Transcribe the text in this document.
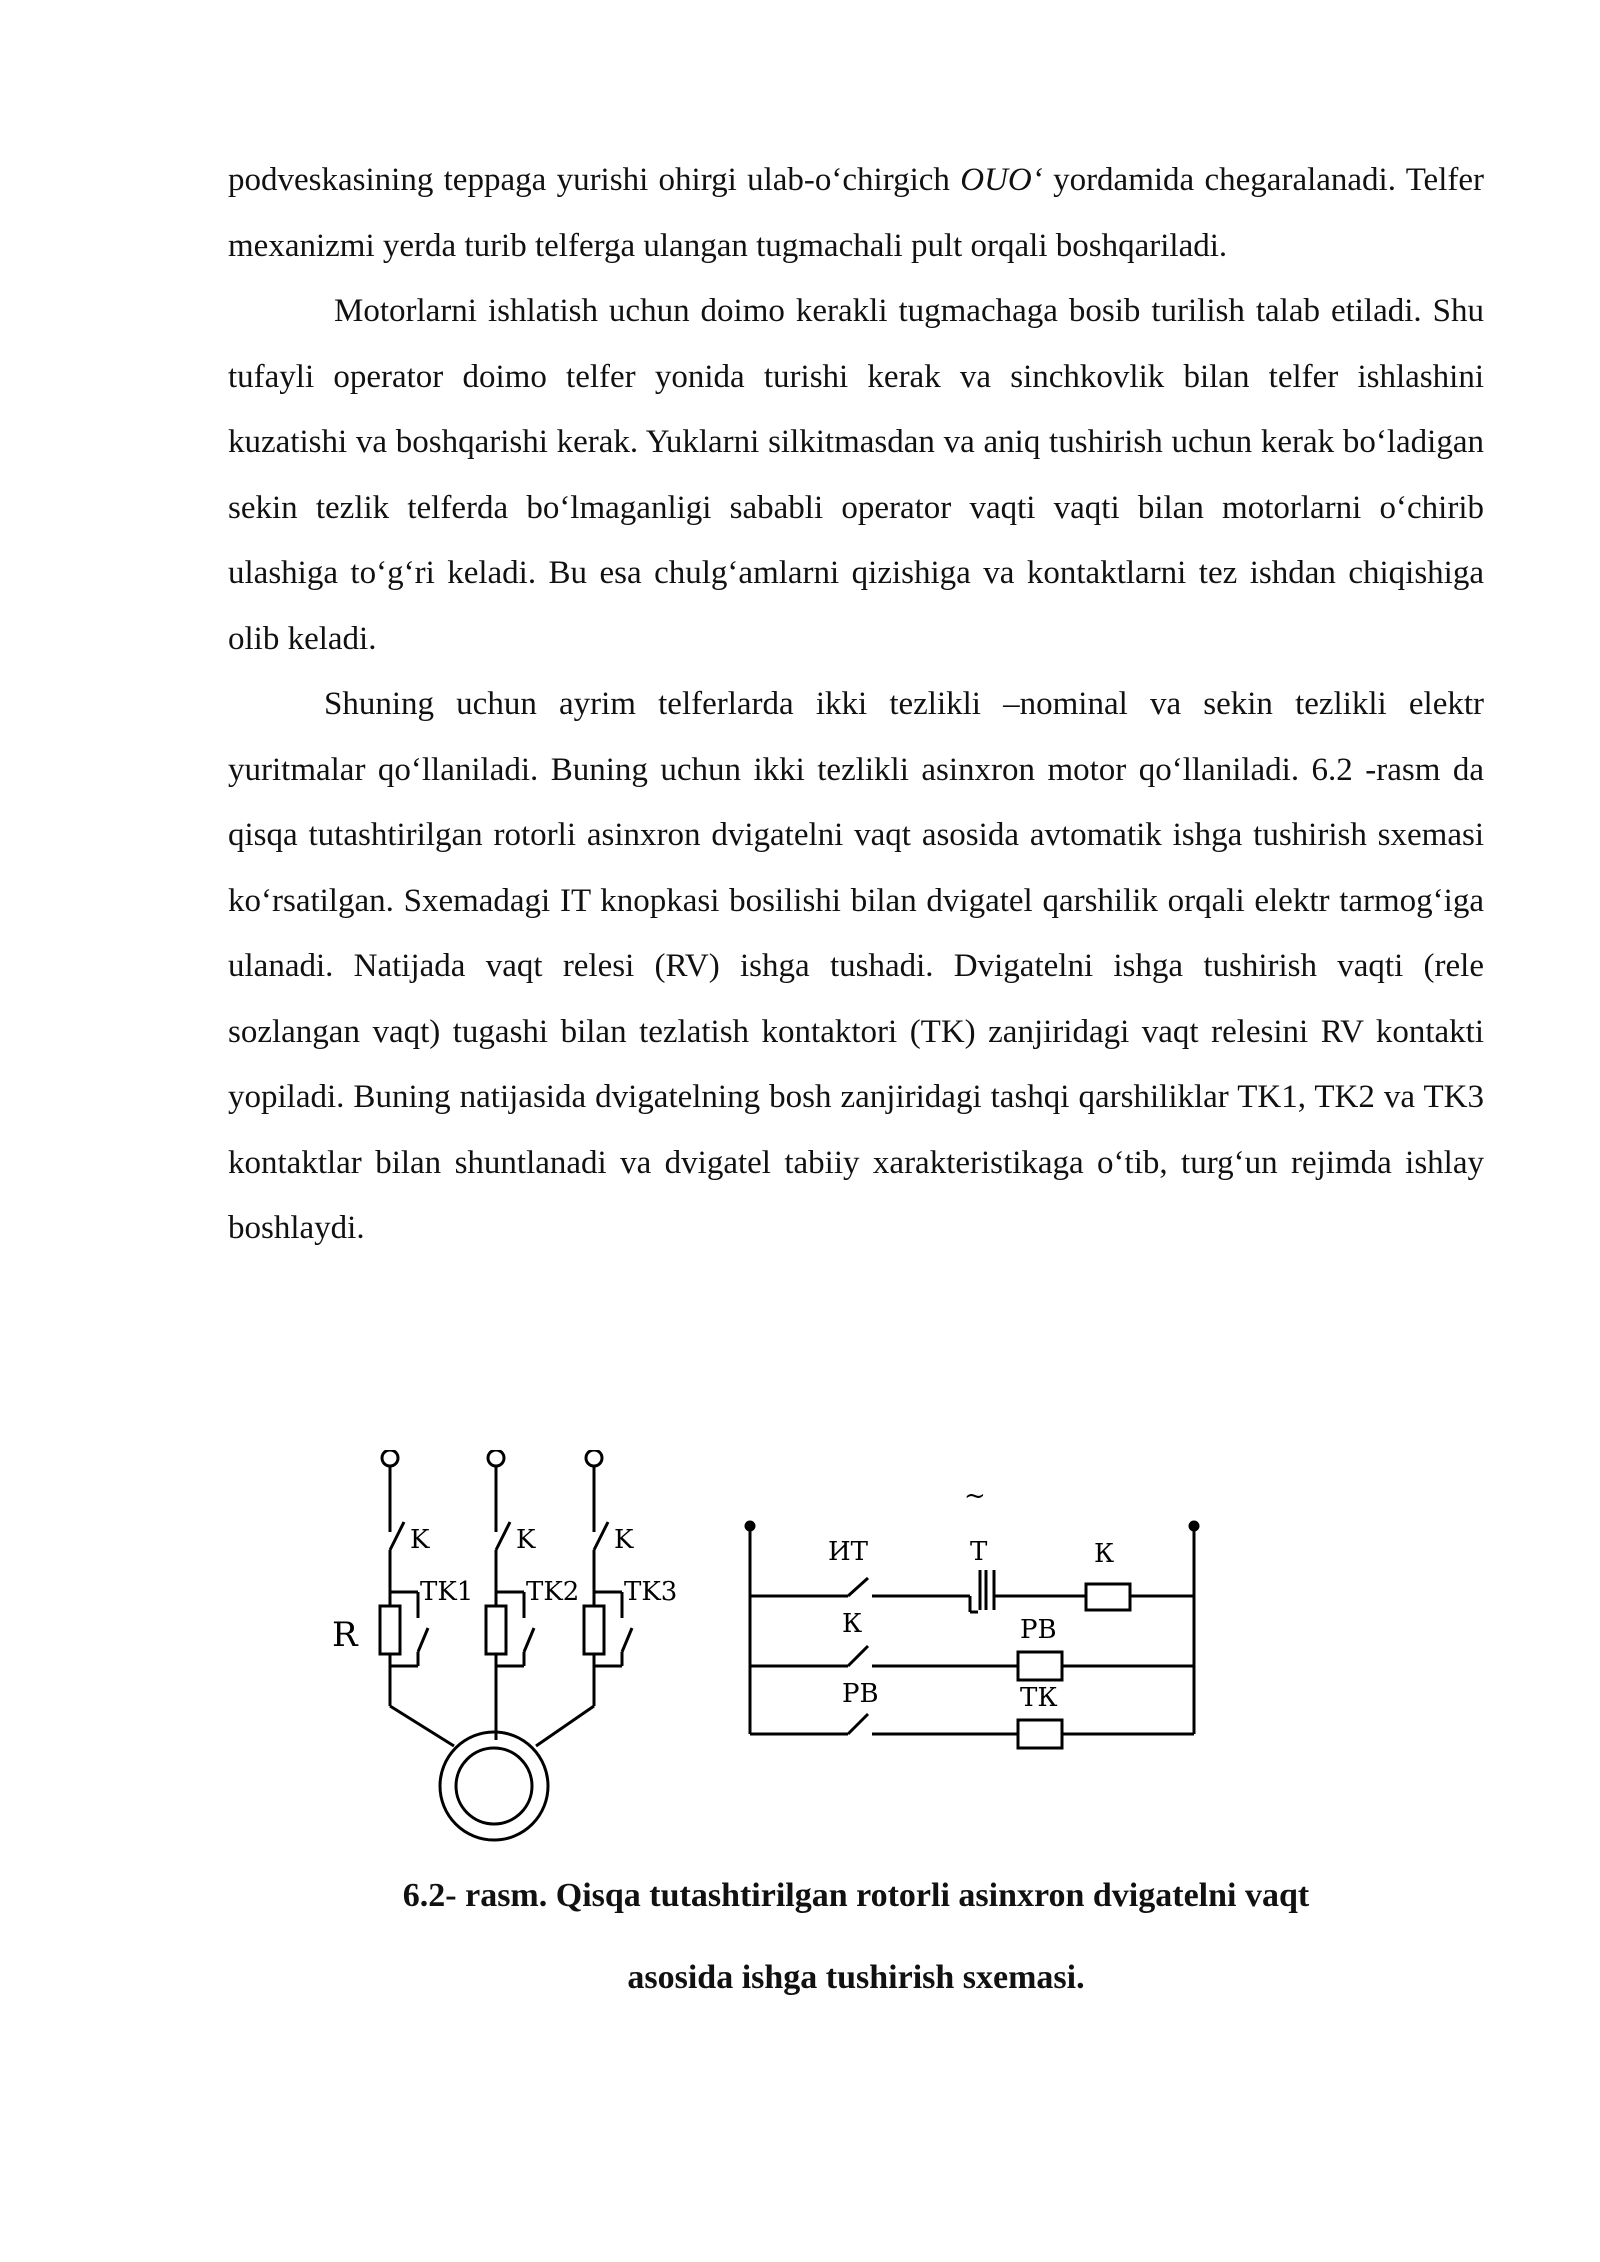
podveskasining teppaga yurishi ohirgi ulab-o‘chirgich OUO‘ yordamida chegaralanadi. Telfer mexanizmi yerda turib telferga ulangan tugmachali pult orqali boshqariladi.

Motorlarni ishlatish uchun doimo kerakli tugmachaga bosib turilish talab etiladi. Shu tufayli operator doimo telfer yonida turishi kerak va sinchkovlik bilan telfer ishlashini kuzatishi va boshqarishi kerak. Yuklarni silkitmasdan va aniq tushirish uchun kerak bo‘ladigan sekin tezlik telferda bo‘lmaganligi sababli operator vaqti vaqti bilan motorlarni o‘chirib ulashiga to‘g‘ri keladi. Bu esa chulg‘amlarni qizishiga va kontaktlarni tez ishdan chiqishiga olib keladi.

Shuning uchun ayrim telferlarda ikki tezlikli –nominal va sekin tezlikli elektr yuritmalar qo‘llaniladi. Buning uchun ikki tezlikli asinxron motor qo‘llaniladi. 6.2 -rasm da qisqa tutashtirilgan rotorli asinxron dvigatelni vaqt asosida avtomatik ishga tushirish sxemasi ko‘rsatilgan. Sxemadagi IT knopkasi bosilishi bilan dvigatel qarshilik orqali elektr tarmog‘iga ulanadi. Natijada vaqt relesi (RV) ishga tushadi. Dvigatelni ishga tushirish vaqti (rele sozlangan vaqt) tugashi bilan tezlatish kontaktori (TK) zanjiridagi vaqt relesini RV kontakti yopiladi. Buning natijasida dvigatelning bosh zanjiridagi tashqi qarshiliklar TK1, TK2 va TK3 kontaktlar bilan shuntlanadi va dvigatel tabiiy xarakteristikaga o‘tib, turg‘un rejimda ishlay boshlaydi.

K	K	K
TK1 TK2 TK3
R
ИТ
~
Т	К
К	РВ
РВ	ТК
6.2- rasm. Qisqa tutashtirilgan rotorli asinxron dvigatelni vaqt
asosida ishga tushirish sxemasi.
